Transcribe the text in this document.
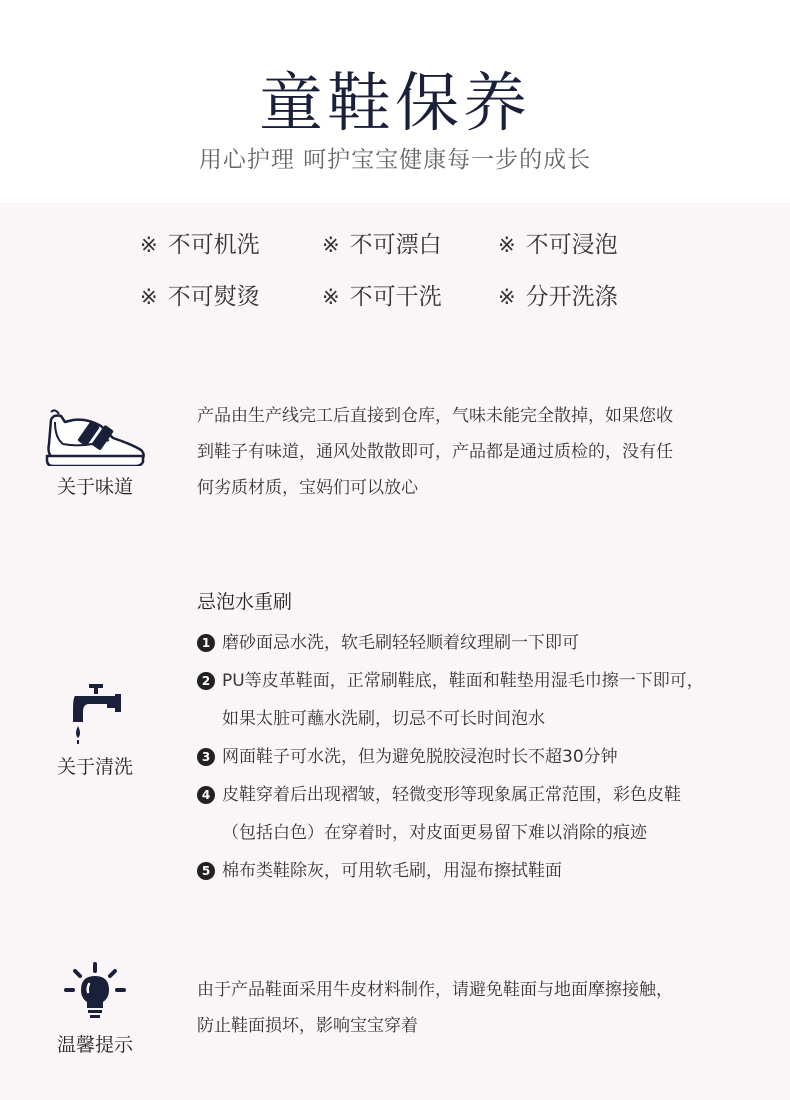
童鞋保养
用心护理 呵护宝宝健康每一步的成长
※ 不可机洗	※ 不可漂白	※ 不可浸泡
※ 不可熨烫	※ 不可干洗	※ 分开洗涤
关于味道
产品由生产线完工后直接到仓库，气味未能完全散掉，如果您收
到鞋子有味道，通风处散散即可，产品都是通过质检的，没有任
何劣质材质，宝妈们可以放心
关于清洗
忌泡水重刷
1 磨砂面忌水洗，软毛刷轻轻顺着纹理刷一下即可
2 PU等皮革鞋面，正常刷鞋底，鞋面和鞋垫用湿毛巾擦一下即可，
如果太脏可蘸水洗刷，切忌不可长时间泡水
3 网面鞋子可水洗，但为避免脱胶浸泡时长不超30分钟
4 皮鞋穿着后出现褶皱，轻微变形等现象属正常范围，彩色皮鞋
（包括白色）在穿着时，对皮面更易留下难以消除的痕迹
5 棉布类鞋除灰，可用软毛刷，用湿布擦拭鞋面
温馨提示
由于产品鞋面采用牛皮材料制作，请避免鞋面与地面摩擦接触，
防止鞋面损坏，影响宝宝穿着
